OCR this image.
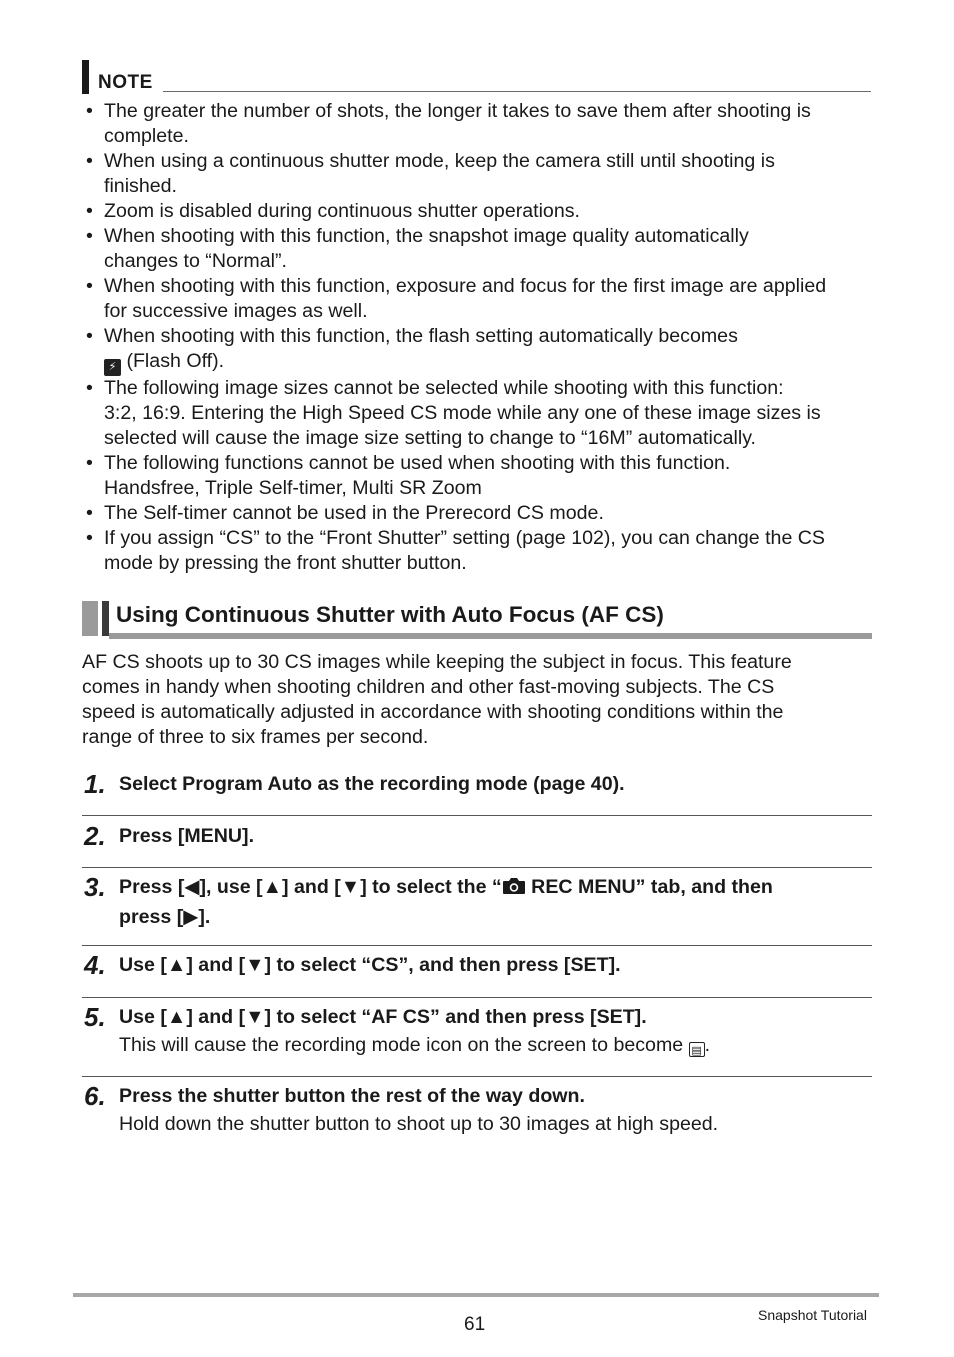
NOTE
• The greater the number of shots, the longer it takes to save them after shooting is
complete.
• When using a continuous shutter mode, keep the camera still until shooting is
finished.
• Zoom is disabled during continuous shutter operations.
• When shooting with this function, the snapshot image quality automatically
changes to “Normal”.
• When shooting with this function, exposure and focus for the first image are applied
for successive images as well.
• When shooting with this function, the flash setting automatically becomes
⚡ (Flash Off).
• The following image sizes cannot be selected while shooting with this function:
3:2, 16:9. Entering the High Speed CS mode while any one of these image sizes is
selected will cause the image size setting to change to “16M” automatically.
• The following functions cannot be used when shooting with this function.
Handsfree, Triple Self-timer, Multi SR Zoom
• The Self-timer cannot be used in the Prerecord CS mode.
• If you assign “CS” to the “Front Shutter” setting (page 102), you can change the CS
mode by pressing the front shutter button.
Using Continuous Shutter with Auto Focus (AF CS)

AF CS shoots up to 30 CS images while keeping the subject in focus. This feature
comes in handy when shooting children and other fast-moving subjects. The CS
speed is automatically adjusted in accordance with shooting conditions within the
range of three to six frames per second.

1. Select Program Auto as the recording mode (page 40).
2. Press [MENU].
3. Press [◀], use [▲] and [▼] to select the “ REC MENU” tab, and then
press [▶].
4. Use [▲] and [▼] to select “CS”, and then press [SET].
5. Use [▲] and [▼] to select “AF CS” and then press [SET].
This will cause the recording mode icon on the screen to become ▤ .
6. Press the shutter button the rest of the way down.
Hold down the shutter button to shoot up to 30 images at high speed.
61	Snapshot Tutorial
